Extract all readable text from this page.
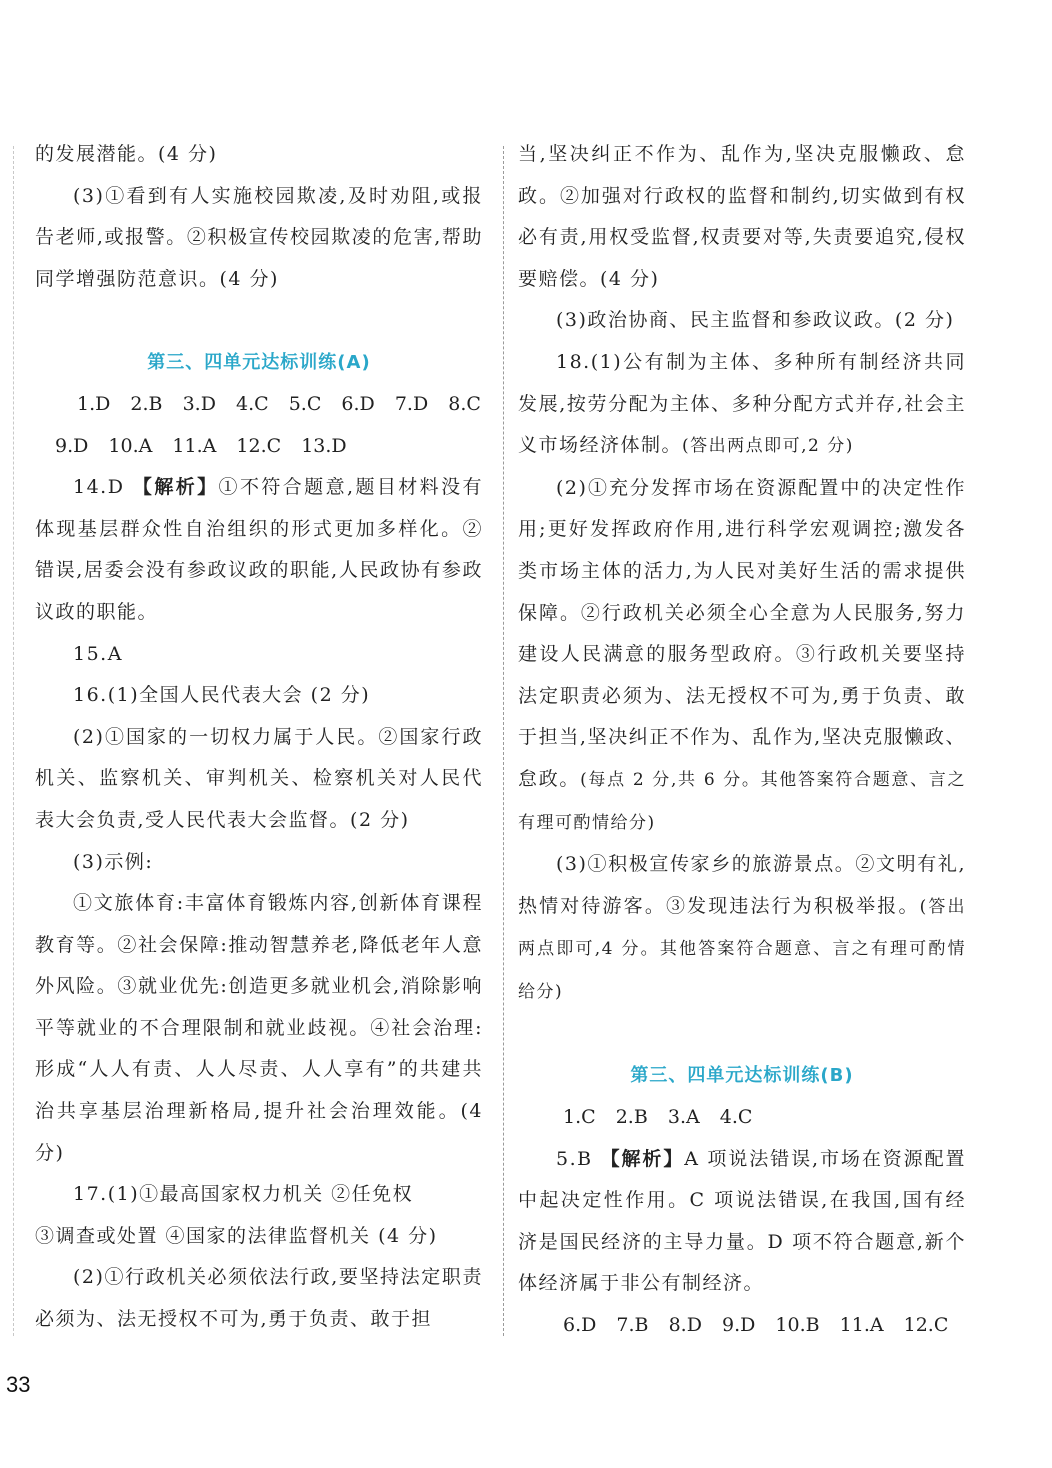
的发展潜能。(4 分)

(3)①看到有人实施校园欺凌,及时劝阻,或报告老师,或报警。②积极宣传校园欺凌的危害,帮助同学增强防范意识。(4 分)

第三、四单元达标训练(A)

1.D 2.B 3.D 4.C 5.C 6.D 7.D 8.C

9.D 10.A 11.A 12.C 13.D

14.D 【解析】①不符合题意,题目材料没有体现基层群众性自治组织的形式更加多样化。②错误,居委会没有参政议政的职能,人民政协有参政议政的职能。

15.A

16.(1)全国人民代表大会 (2 分)

(2)①国家的一切权力属于人民。②国家行政机关、监察机关、审判机关、检察机关对人民代表大会负责,受人民代表大会监督。(2 分)

(3)示例:

①文旅体育:丰富体育锻炼内容,创新体育课程教育等。②社会保障:推动智慧养老,降低老年人意外风险。③就业优先:创造更多就业机会,消除影响平等就业的不合理限制和就业歧视。④社会治理:形成“人人有责、人人尽责、人人享有”的共建共治共享基层治理新格局,提升社会治理效能。(4 分)

17.(1)①最高国家权力机关 ②任免权

③调查或处置 ④国家的法律监督机关 (4 分)

(2)①行政机关必须依法行政,要坚持法定职责必须为、法无授权不可为,勇于负责、敢于担

当,坚决纠正不作为、乱作为,坚决克服懒政、怠政。②加强对行政权的监督和制约,切实做到有权必有责,用权受监督,权责要对等,失责要追究,侵权要赔偿。(4 分)

(3)政治协商、民主监督和参政议政。(2 分)

18.(1)公有制为主体、多种所有制经济共同发展,按劳分配为主体、多种分配方式并存,社会主义市场经济体制。(答出两点即可,2 分)

(2)①充分发挥市场在资源配置中的决定性作用;更好发挥政府作用,进行科学宏观调控;激发各类市场主体的活力,为人民对美好生活的需求提供保障。②行政机关必须全心全意为人民服务,努力建设人民满意的服务型政府。③行政机关要坚持法定职责必须为、法无授权不可为,勇于负责、敢于担当,坚决纠正不作为、乱作为,坚决克服懒政、怠政。(每点 2 分,共 6 分。其他答案符合题意、言之有理可酌情给分)

(3)①积极宣传家乡的旅游景点。②文明有礼,热情对待游客。③发现违法行为积极举报。(答出两点即可,4 分。其他答案符合题意、言之有理可酌情给分)

第三、四单元达标训练(B)

1.C 2.B 3.A 4.C

5.B 【解析】A 项说法错误,市场在资源配置中起决定性作用。C 项说法错误,在我国,国有经济是国民经济的主导力量。D 项不符合题意,新个体经济属于非公有制经济。

6.D 7.B 8.D 9.D 10.B 11.A 12.C

33
